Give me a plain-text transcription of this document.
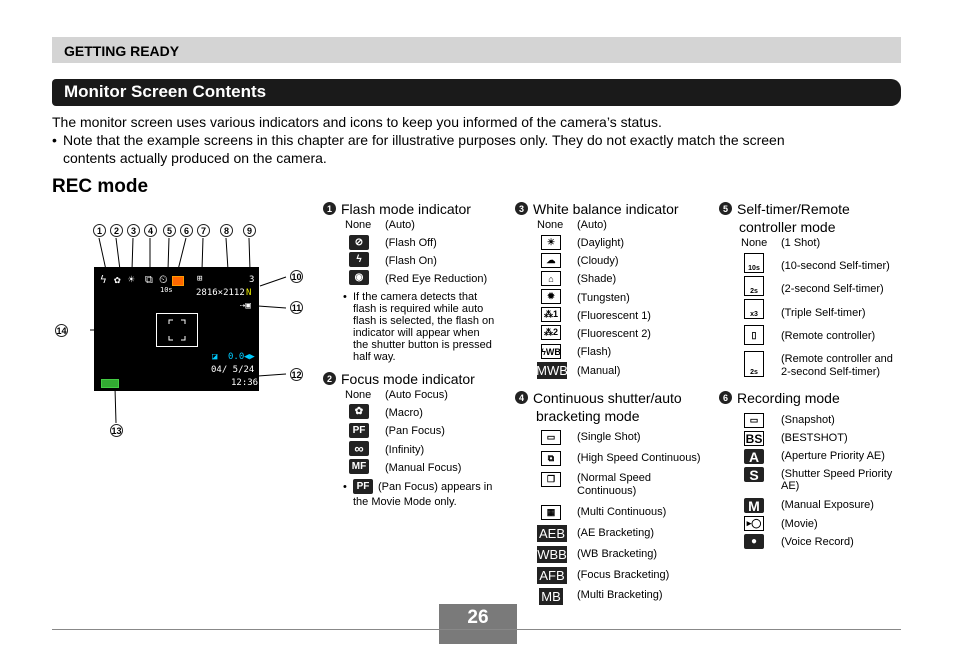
GETTING READY
Monitor Screen Contents
The monitor screen uses various indicators and icons to keep you informed of the camera’s status.
• Note that the example screens in this chapter are for illustrative purposes only. They do not exactly match the screen
contents actually produced on the camera.
REC mode
1	2	3	4	5	6	7	8	9
ϟ ✿ ☀ ⧉ ⏲	⊞
10s
3
2816×2112 N
⇢▣
◪ 0.0 ◀▶
04/ 5/24
12:36
10
11
12
13
14
1 Flash mode indicator
None (Auto)
⊘	(Flash Off)
ϟ	(Flash On)
◉	(Red Eye Reduction)
• If the camera detects that
flash is required while auto
flash is selected, the flash on
indicator will appear when
the shutter button is pressed
half way.
2 Focus mode indicator
None (Auto Focus)
✿	(Macro)
PF	(Pan Focus)
∞	(Infinity)
MF (Manual Focus)
• PF (Pan Focus) appears in
the Movie Mode only.
3 White balance indicator
None (Auto)
☀	(Daylight)
☁	(Cloudy)
⌂	(Shade)
✹	(Tungsten)
⁂1 (Fluorescent 1)
⁂2 (Fluorescent 2)
ϟWB (Flash)
MWB (Manual)
4 Continuous shutter/auto
bracketing mode
▭	(Single Shot)
⧉	(High Speed Continuous)
❐	(Normal Speed
Continuous)
▦	(Multi Continuous)
AEB (AE Bracketing)
WBB (WB Bracketing)
AFB (Focus Bracketing)
MB (Multi Bracketing)
5 Self-timer/Remote
controller mode
None (1 Shot)
10s	(10-second Self-timer)
2s	(2-second Self-timer)
x3	(Triple Self-timer)
▯	(Remote controller)
2s
(Remote controller and
2-second Self-timer)
6 Recording mode
▭	(Snapshot)
BS (BESTSHOT)
A	(Aperture Priority AE)
S	(Shutter Speed Priority
AE)
M	(Manual Exposure)
▸◯ (Movie)
●	(Voice Record)
26
